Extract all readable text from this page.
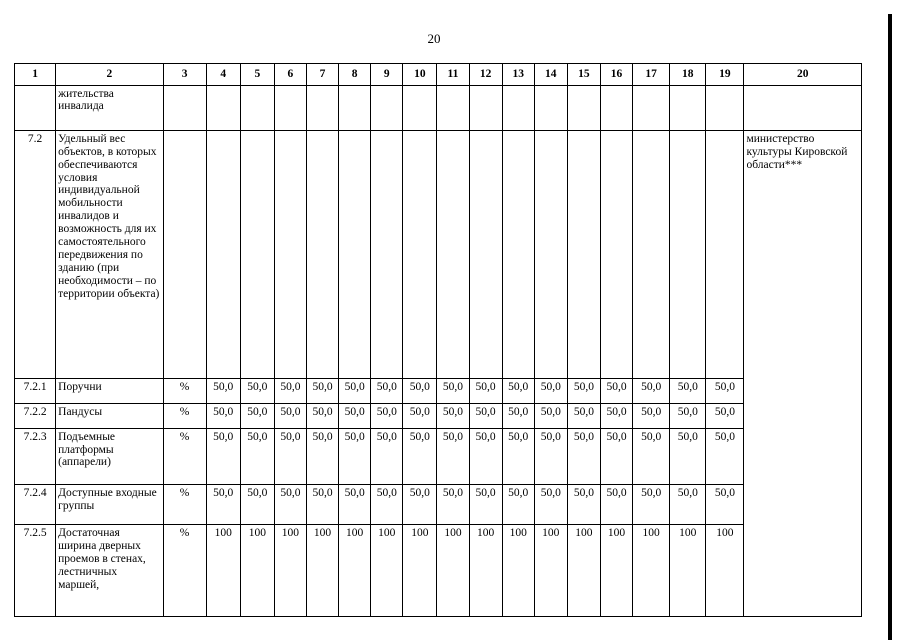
20
1	2	3	4	5	6	7	8	9	10	11	12	13	14	15	16	17	18	19	20
	жительства инвалида																		
7.2	Удельный вес объектов, в которых обеспечиваются условия индивидуальной мобильности инвалидов и возможность для их самостоятельного передвижения по зданию (при необходимости – по территории объекта)																		министерство культуры Кировской области***
7.2.1	Поручни	%	50,0	50,0	50,0	50,0	50,0	50,0	50,0	50,0	50,0	50,0	50,0	50,0	50,0	50,0	50,0	50,0	
7.2.2	Пандусы	%	50,0	50,0	50,0	50,0	50,0	50,0	50,0	50,0	50,0	50,0	50,0	50,0	50,0	50,0	50,0	50,0	
7.2.3	Подъемные платформы (аппарели)	%	50,0	50,0	50,0	50,0	50,0	50,0	50,0	50,0	50,0	50,0	50,0	50,0	50,0	50,0	50,0	50,0	
7.2.4	Доступные входные группы	%	50,0	50,0	50,0	50,0	50,0	50,0	50,0	50,0	50,0	50,0	50,0	50,0	50,0	50,0	50,0	50,0	
7.2.5	Достаточная ширина дверных проемов в стенах, лестничных маршей,	%	100	100	100	100	100	100	100	100	100	100	100	100	100	100	100	100	
